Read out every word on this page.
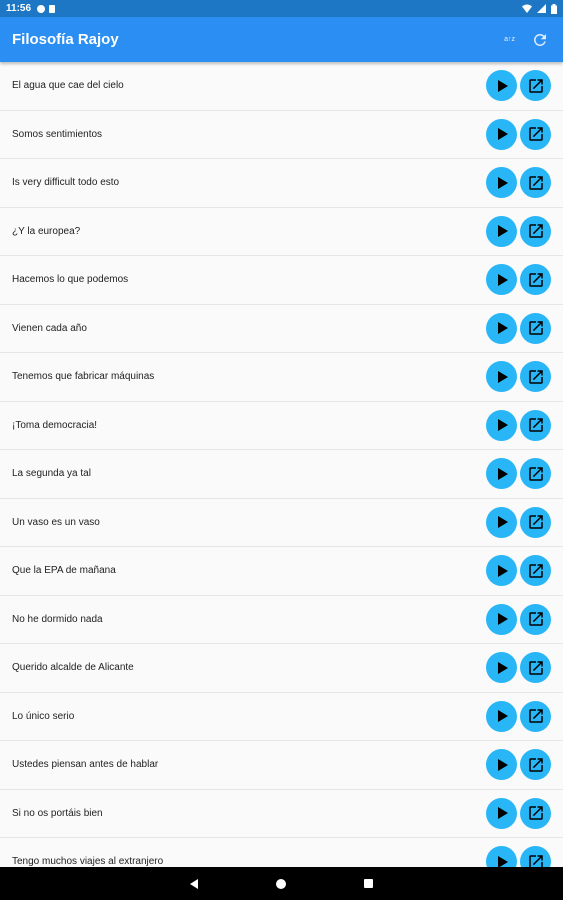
11:56
Filosofía Rajoy	a↑z
El agua que cae del cielo
Somos sentimientos
Is very difficult todo esto
¿Y la europea?
Hacemos lo que podemos
Vienen cada año
Tenemos que fabricar máquinas
¡Toma democracia!
La segunda ya tal
Un vaso es un vaso
Que la EPA de mañana
No he dormido nada
Querido alcalde de Alicante
Lo único serio
Ustedes piensan antes de hablar
Si no os portáis bien
Tengo muchos viajes al extranjero
